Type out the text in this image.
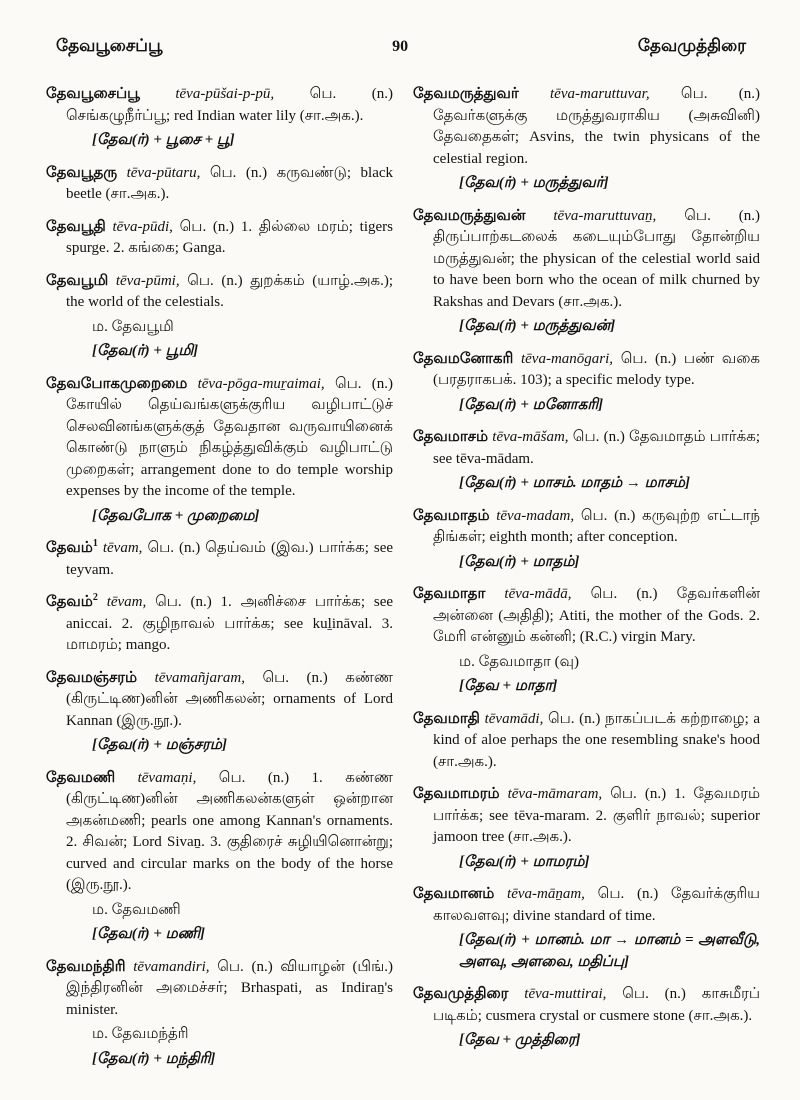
தேவபூசைப்பூ	90	தேவமுத்திரை

தேவபூசைப்பூ tēva-pūšai-p-pū, பெ. (n.) செங்கழுநீர்ப்பூ; red Indian water lily (சா.அக.).

[தேவ(ர்) + பூசை + பூ]

தேவபூதரு tēva-pūtaru, பெ. (n.) கருவண்டு; black beetle (சா.அக.).

தேவபூதி tēva-pūdi, பெ. (n.) 1. தில்லை மரம்; tigers spurge. 2. கங்கை; Ganga.

தேவபூமி tēva-pūmi, பெ. (n.) துறக்கம் (யாழ்.அக.); the world of the celestials.

ம. தேவபூமி

[தேவ(ர்) + பூமி]

தேவபோகமுறைமை tēva-pōga-muṟaimai, பெ. (n.) கோயில் தெய்வங்களுக்குரிய வழிபாட்டுச் செலவினங்களுக்குத் தேவதான வருவாயினைக் கொண்டு நாளும் நிகழ்த்துவிக்கும் வழிபாட்டு முறைகள்; arrangement done to do temple worship expenses by the income of the temple.

[தேவபோக + முறைமை]

தேவம்$^1$ tēvam, பெ. (n.) தெய்வம் (இவ.) பார்க்க; see teyvam.

தேவம்$^2$ tēvam, பெ. (n.) 1. அனிச்சை பார்க்க; see aniccai. 2. குழிநாவல் பார்க்க; see kuḻināval. 3. மாமரம்; mango.

தேவமஞ்சரம் tēvamañjaram, பெ. (n.) கண்ண (கிருட்டிண)னின் அணிகலன்; ornaments of Lord Kannan (இரு.நூ.).

[தேவ(ர்) + மஞ்சரம்]

தேவமணி tēvamaṇi, பெ. (n.) 1. கண்ண (கிருட்டிண)னின் அணிகலன்களுள் ஒன்றான அகன்மணி; pearls one among Kannan's ornaments. 2. சிவன்; Lord Sivaṉ. 3. குதிரைச் சுழியினொன்று; curved and circular marks on the body of the horse (இரு.நூ.).

ம. தேவமணி

[தேவ(ர்) + மணி]

தேவமந்திரி tēvamandiri, பெ. (n.) வியாழன் (பிங்.) இந்திரனின் அமைச்சர்; Brhaspati, as Indiraṉ's minister.

ம. தேவமந்த்ரி

[தேவ(ர்) + மந்திரி]

தேவமருத்துவர் tēva-maruttuvar, பெ. (n.) தேவர்களுக்கு மருத்துவராகிய (அசுவினி) தேவதைகள்; Asvins, the twin physicans of the celestial region.

[தேவ(ர்) + மருத்துவர்]

தேவமருத்துவன் tēva-maruttuvaṉ, பெ. (n.) திருப்பாற்கடலைக் கடையும்போது தோன்றிய மருத்துவன்; the physican of the celestial world said to have been born who the ocean of milk churned by Rakshas and Devars (சா.அக.).

[தேவ(ர்) + மருத்துவன்]

தேவமனோகரி tēva-manōgari, பெ. (n.) பண் வகை (பரதராகபக். 103); a specific melody type.

[தேவ(ர்) + மனோகரி]

தேவமாசம் tēva-māšam, பெ. (n.) தேவமாதம் பார்க்க; see tēva-mādam.

[தேவ(ர்) + மாசம். மாதம் → மாசம்]

தேவமாதம் tēva-madam, பெ. (n.) கருவுற்ற எட்டாந் திங்கள்; eighth month; after conception.

[தேவ(ர்) + மாதம்]

தேவமாதா tēva-mādā, பெ. (n.) தேவர்களின் அன்னை (அதிதி); Atiti, the mother of the Gods. 2. மேரி என்னும் கன்னி; (R.C.) virgin Mary.

ம. தேவமாதா (வு)

[தேவ + மாதா]

தேவமாதி tēvamādi, பெ. (n.) நாகப்படக் கற்றாழை; a kind of aloe perhaps the one resembling snake's hood (சா.அக.).

தேவமாமரம் tēva-māmaram, பெ. (n.) 1. தேவமரம் பார்க்க; see tēva-maram. 2. குளிர் நாவல்; superior jamoon tree (சா.அக.).

[தேவ(ர்) + மாமரம்]

தேவமானம் tēva-māṉam, பெ. (n.) தேவர்க்குரிய காலவளவு; divine standard of time.

[தேவ(ர்) + மானம். மா → மானம் = அளவீடு, அளவு, அளவை, மதிப்பு]

தேவமுத்திரை tēva-muttirai, பெ. (n.) காசுமீரப் படிகம்; cusmera crystal or cusmere stone (சா.அக.).

[தேவ + முத்திரை]
